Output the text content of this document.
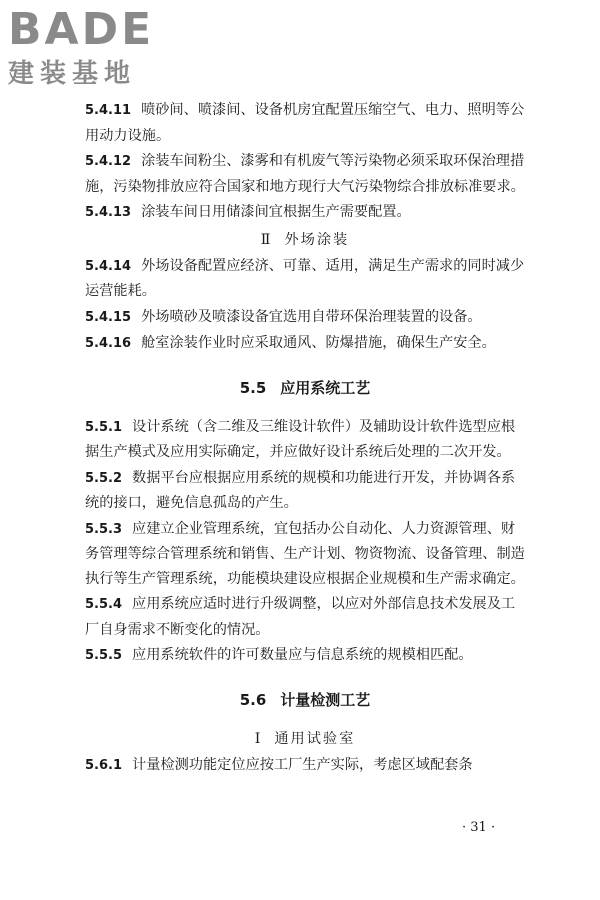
BADE
建装基地

5.4.11 喷砂间、喷漆间、设备机房宜配置压缩空气、电力、照明等公用动力设施。

5.4.12 涂装车间粉尘、漆雾和有机废气等污染物必须采取环保治理措施，污染物排放应符合国家和地方现行大气污染物综合排放标准要求。

5.4.13 涂装车间日用储漆间宜根据生产需要配置。

Ⅱ 外场涂装

5.4.14 外场设备配置应经济、可靠、适用，满足生产需求的同时减少运营能耗。

5.4.15 外场喷砂及喷漆设备宜选用自带环保治理装置的设备。

5.4.16 舱室涂装作业时应采取通风、防爆措施，确保生产安全。

5.5 应用系统工艺

5.5.1 设计系统（含二维及三维设计软件）及辅助设计软件选型应根据生产模式及应用实际确定，并应做好设计系统后处理的二次开发。

5.5.2 数据平台应根据应用系统的规模和功能进行开发，并协调各系统的接口，避免信息孤岛的产生。

5.5.3 应建立企业管理系统，宜包括办公自动化、人力资源管理、财务管理等综合管理系统和销售、生产计划、物资物流、设备管理、制造执行等生产管理系统，功能模块建设应根据企业规模和生产需求确定。

5.5.4 应用系统应适时进行升级调整，以应对外部信息技术发展及工厂自身需求不断变化的情况。

5.5.5 应用系统软件的许可数量应与信息系统的规模相匹配。

5.6 计量检测工艺
Ⅰ 通用试验室

5.6.1 计量检测功能定位应按工厂生产实际，考虑区域配套条

· 31 ·
